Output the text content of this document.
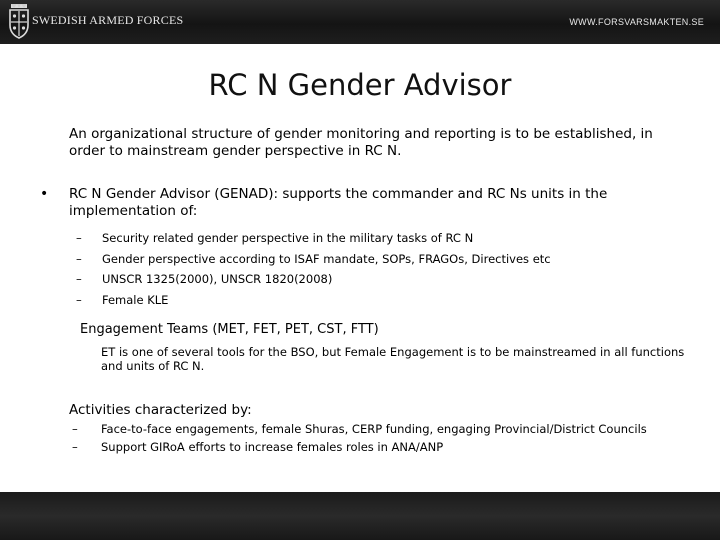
SWEDISH ARMED FORCES	WWW.FORSVARSMAKTEN.SE
RC N Gender Advisor
An organizational structure of gender monitoring and reporting is to be established, in order to mainstream gender perspective in RC N.
• RC N Gender Advisor (GENAD): supports the commander and RC Ns units in the implementation of:
– Security related gender perspective in the military tasks of RC N
– Gender perspective according to ISAF mandate, SOPs, FRAGOs, Directives etc
– UNSCR 1325(2000), UNSCR 1820(2008)
– Female KLE
Engagement Teams (MET, FET, PET, CST, FTT)
ET is one of several tools for the BSO, but Female Engagement is to be mainstreamed in all functions and units of RC N.
Activities characterized by:
– Face-to-face engagements, female Shuras, CERP funding, engaging Provincial/District Councils
– Support GIRoA efforts to increase females roles in ANA/ANP
